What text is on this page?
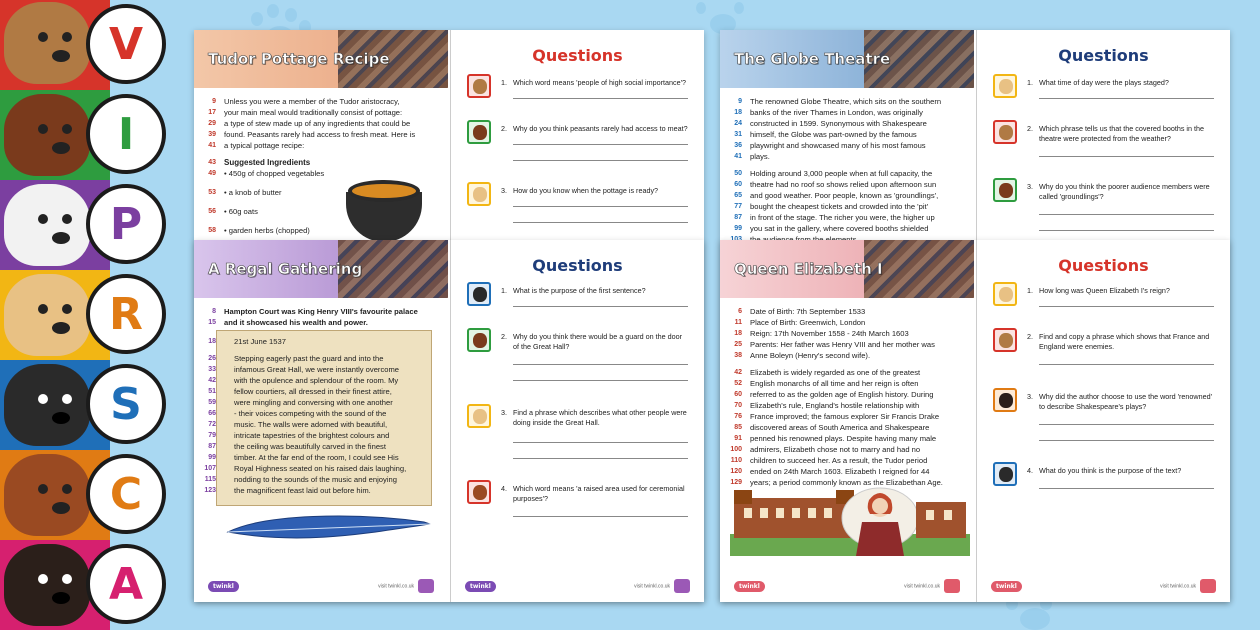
V
I
P
R
S
C
A
Tudor Pottage Recipe
9	Unless you were a member of the Tudor aristocracy,
17	your main meal would traditionally consist of pottage:
29	a type of stew made up of any ingredients that could be
39	found. Peasants rarely had access to fresh meat. Here is
41	a typical pottage recipe:
43	Suggested Ingredients
49	• 450g of chopped vegetables
53	• a knob of butter
56	• 60g oats
58	• garden herbs (chopped)
Questions
1. Which word means 'people of high social importance'?
2. Why do you think peasants rarely had access to meat?
3. How do you know when the pottage is ready?
The Globe Theatre
9	The renowned Globe Theatre, which sits on the southern
18	banks of the river Thames in London, was originally
24	constructed in 1599. Synonymous with Shakespeare
31	himself, the Globe was part-owned by the famous
36	playwright and showcased many of his most famous
41	plays.
50	Holding around 3,000 people when at full capacity, the
60	theatre had no roof so shows relied upon afternoon sun
65	and good weather. Poor people, known as 'groundlings',
77	bought the cheapest tickets and crowded into the 'pit'
87	in front of the stage. The richer you were, the higher up
99	you sat in the gallery, where covered booths shielded
Questions
1. What time of day were the plays staged?
2. Which phrase tells us that the covered booths in the theatre were protected from the weather?
3. Why do you think the poorer audience members were called 'groundlings'?
A Regal Gathering
8	Hampton Court was King Henry VIII's favourite palace
15	and it showcased his wealth and power.
18	21st June 1537
26	Stepping eagerly past the guard and into the
33	infamous Great Hall, we were instantly overcome
42	with the opulence and splendour of the room. My
51	fellow courtiers, all dressed in their finest attire,
59	were mingling and conversing with one another
66	- their voices competing with the sound of the
72	music. The walls were adorned with beautiful,
79	intricate tapestries of the brightest colours and
87	the ceiling was beautifully carved in the finest
99	timber. At the far end of the room, I could see His
107	Royal Highness seated on his raised dais laughing,
115	nodding to the sounds of the music and enjoying
123	the magnificent feast laid out before him.
twinkl	visit twinkl.co.uk
Questions
1. What is the purpose of the first sentence?
2. Why do you think there would be a guard on the door of the Great Hall?
3. Find a phrase which describes what other people were doing inside the Great Hall.
4. Which word means 'a raised area used for ceremonial purposes'?
twinkl	visit twinkl.co.uk
Queen Elizabeth I
6	Date of Birth: 7th September 1533
11	Place of Birth: Greenwich, London
18	Reign: 17th November 1558 - 24th March 1603
25	Parents: Her father was Henry VIII and her mother was
38	Anne Boleyn (Henry's second wife).
42	Elizabeth is widely regarded as one of the greatest
52	English monarchs of all time and her reign is often
60	referred to as the golden age of English history. During
70	Elizabeth's rule, England's hostile relationship with
76	France improved; the famous explorer Sir Francis Drake
85	discovered areas of South America and Shakespeare
91	penned his renowned plays. Despite having many male
100	admirers, Elizabeth chose not to marry and had no
110	children to succeed her. As a result, the Tudor period
120	ended on 24th March 1603. Elizabeth I reigned for 44
129	years; a period commonly known as the Elizabethan Age.
twinkl	visit twinkl.co.uk
Questions
1. How long was Queen Elizabeth I's reign?
2. Find and copy a phrase which shows that France and England were enemies.
3. Why did the author choose to use the word 'renowned' to describe Shakespeare's plays?
4. What do you think is the purpose of the text?
twinkl	visit twinkl.co.uk
